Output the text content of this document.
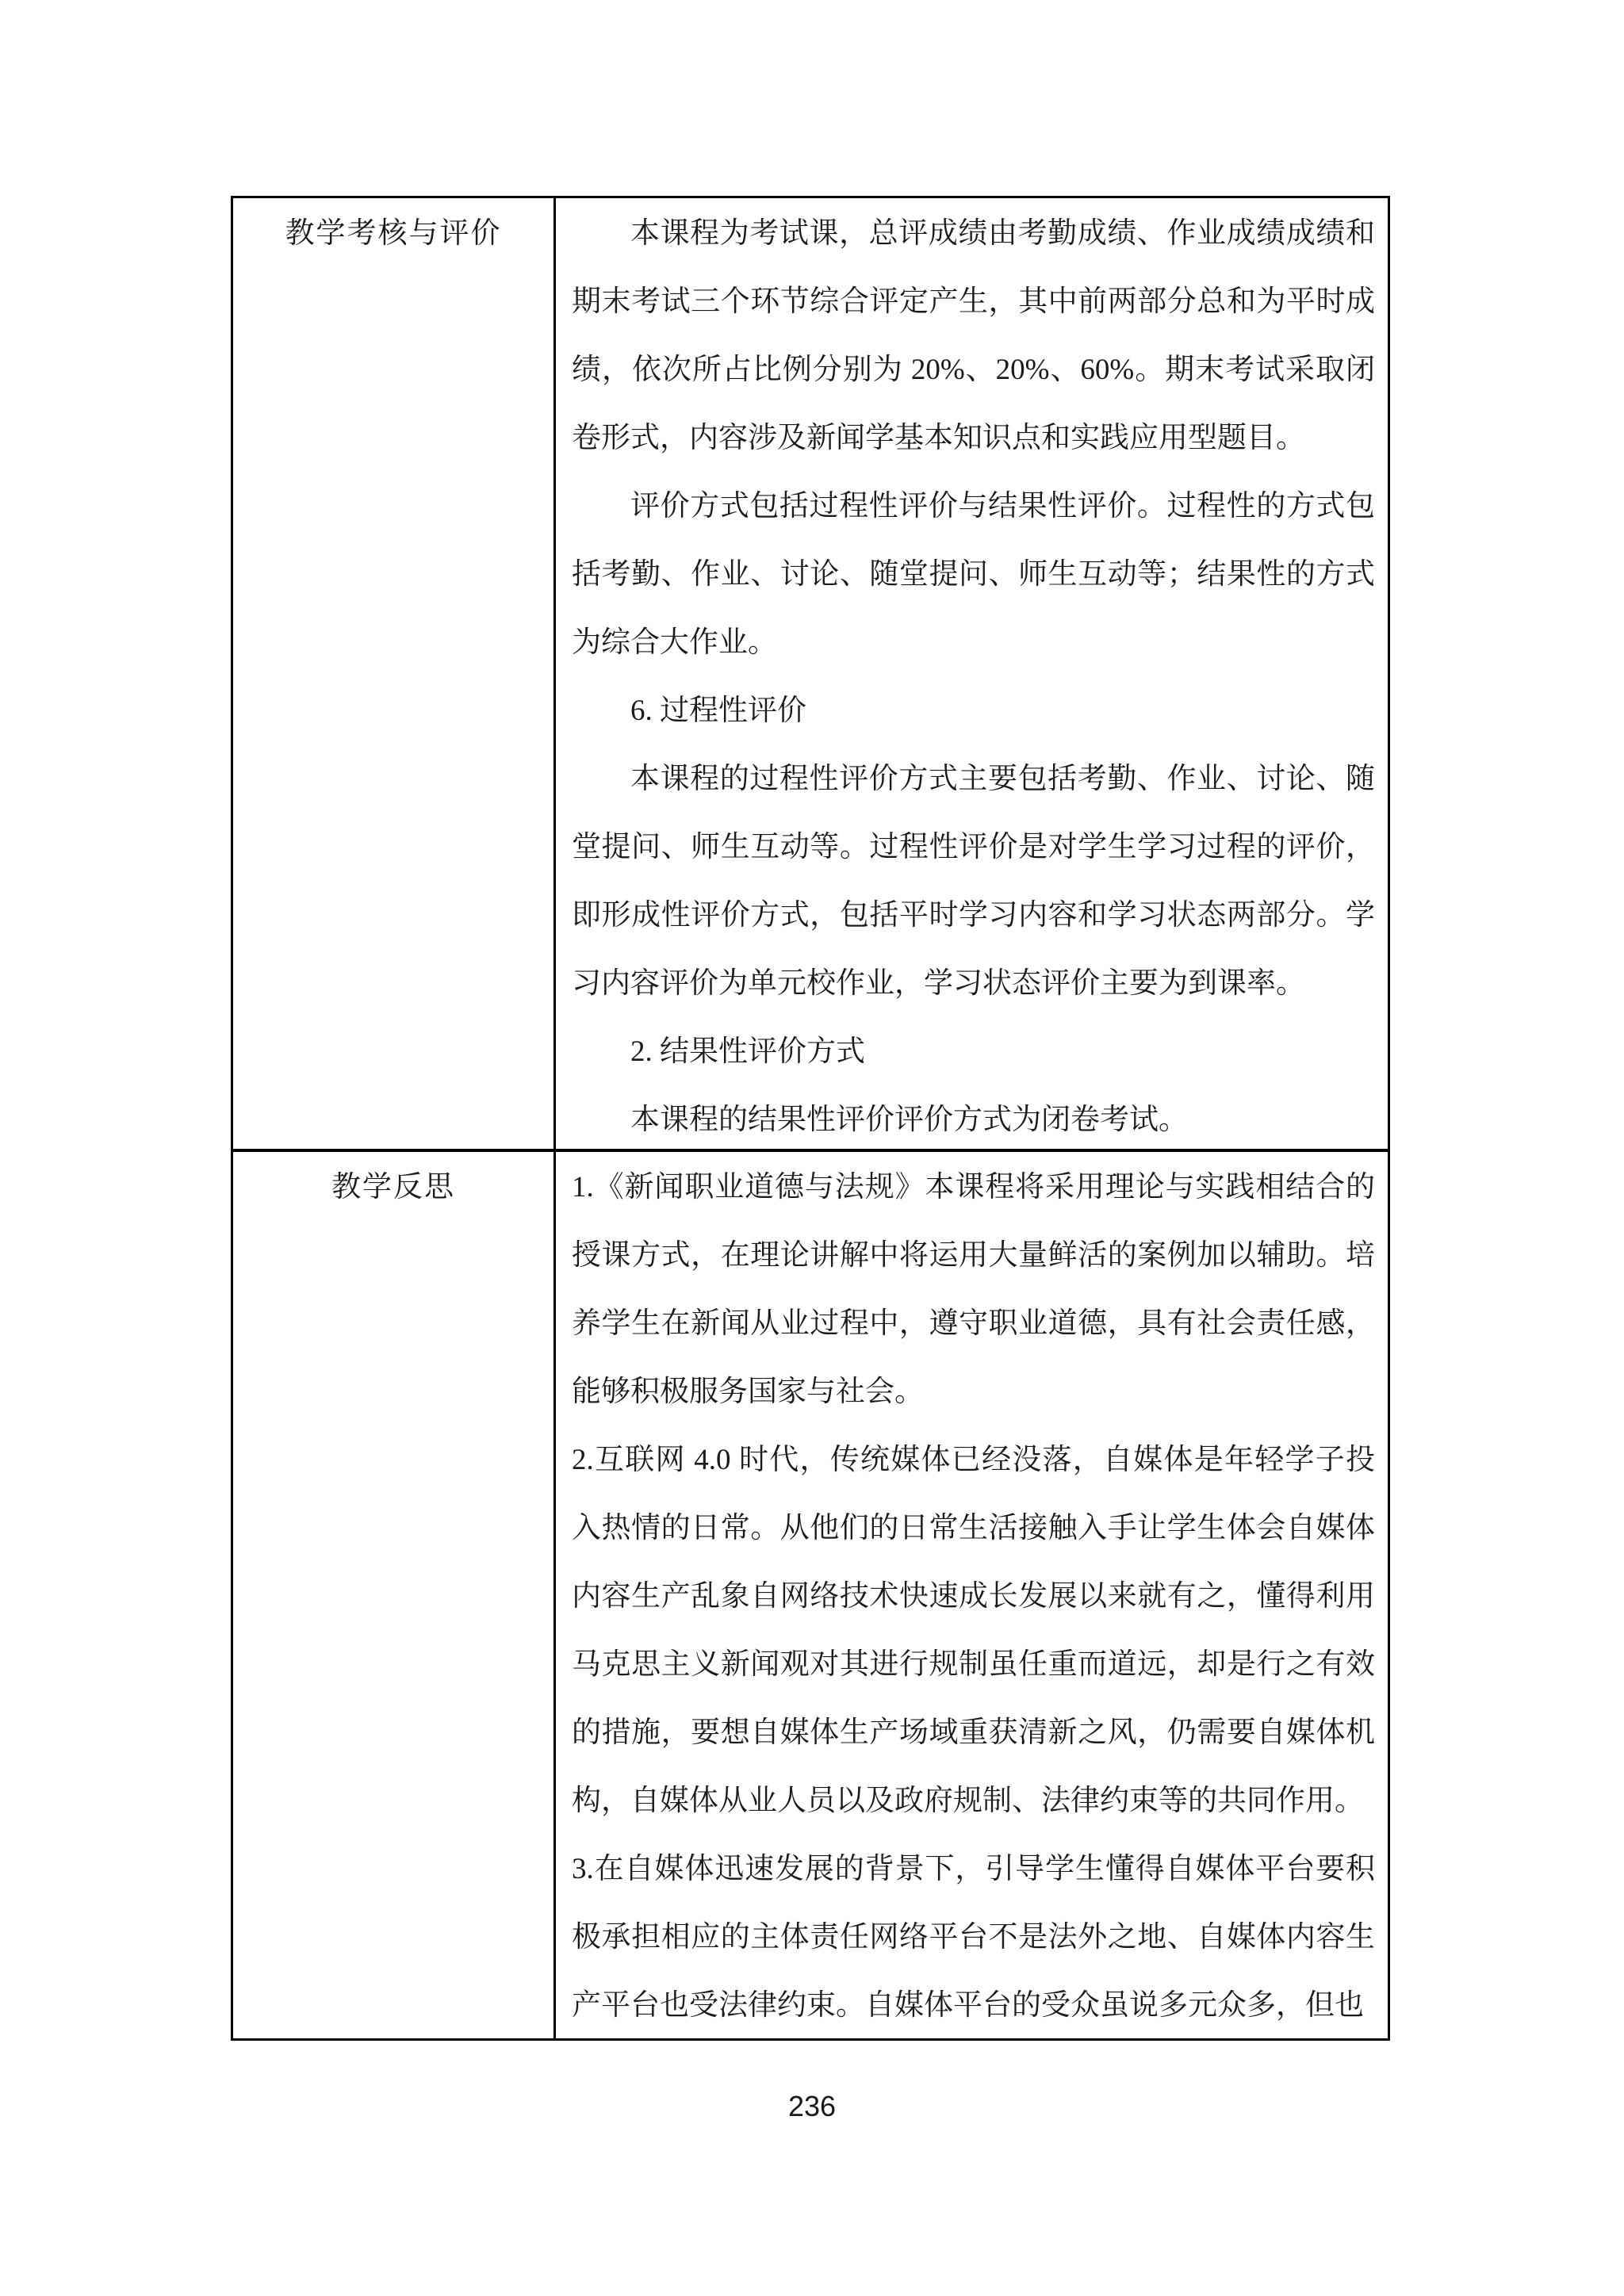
教学考核与评价	本课程为考试课，总评成绩由考勤成绩、作业成绩成绩和期末考试三个环节综合评定产生，其中前两部分总和为平时成绩，依次所占比例分别为 20%、20%、60%。期末考试采取闭卷形式，内容涉及新闻学基本知识点和实践应用型题目。

评价方式包括过程性评价与结果性评价。过程性的方式包括考勤、作业、讨论、随堂提问、师生互动等；结果性的方式为综合大作业。

6. 过程性评价

本课程的过程性评价方式主要包括考勤、作业、讨论、随堂提问、师生互动等。过程性评价是对学生学习过程的评价，即形成性评价方式，包括平时学习内容和学习状态两部分。学习内容评价为单元校作业，学习状态评价主要为到课率。

2. 结果性评价方式

本课程的结果性评价评价方式为闭卷考试。

教学反思	1.《新闻职业道德与法规》本课程将采用理论与实践相结合的授课方式，在理论讲解中将运用大量鲜活的案例加以辅助。培养学生在新闻从业过程中，遵守职业道德，具有社会责任感，能够积极服务国家与社会。

2.互联网 4.0 时代，传统媒体已经没落，自媒体是年轻学子投入热情的日常。从他们的日常生活接触入手让学生体会自媒体内容生产乱象自网络技术快速成长发展以来就有之，懂得利用马克思主义新闻观对其进行规制虽任重而道远，却是行之有效的措施，要想自媒体生产场域重获清新之风，仍需要自媒体机构，自媒体从业人员以及政府规制、法律约束等的共同作用。

3.在自媒体迅速发展的背景下，引导学生懂得自媒体平台要积极承担相应的主体责任网络平台不是法外之地、自媒体内容生产平台也受法律约束。自媒体平台的受众虽说多元众多，但也

236
